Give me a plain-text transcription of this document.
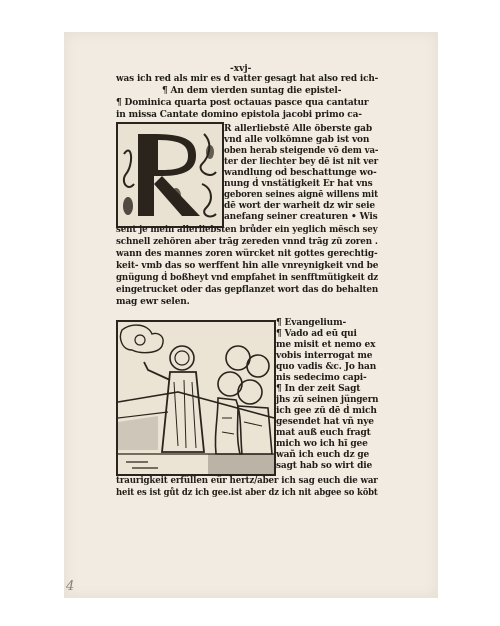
-xvj-
was ich red als mir es d vatter gesagt hat also red ich-
¶ An dem vierden suntag die epistel-
¶ Dominica quarta post octauas pasce qua cantatur
in missa Cantate domino epistola jacobi primo ca-
R allerliebstē Alle ŏberste gab
vnd alle volkŏmne gab ist von
oben herab steigende vō dem va-
ter der liechter bey dē ist nit ver
wandlung oḋ beschattunge wo-
nung ḋ vnstätigkeit Er hat vns
geboren seines aignē willens mit
dē wort der warheit dz wir seie
anefang seiner creaturen • Wis
sent je mein allerliebsten brůder ein yeglich mēsch sey
schnell zehŏren aber trāg zereden vnnd trāg zŭ zoren .
wann des mannes zoren würcket nit gottes gerechtig-
keit- vmb das so werffent hin alle vnreynigkeit vnd be
gnügung ḋ boßheyt vnd empfahet in senfftmütigkeit dz
eingetrucket oder das gepflanzet wort das do behalten
mag ewr selen.
¶ Evangelium-
¶ Vado ad eū qui
me misit et nemo ex
vobis interrogat me
quo vadis &c. Jo han
nis sedecimo capi-
¶ In der zeit Sagt
jhs zŭ seinen jüngern
ich gee zŭ dē ḋ mich
gesendet hat vñ nye
mat auß euch fragt
mich wo ich hĭ gee
wañ ich euch dz ge
sagt hab so wirt die
traurigkeit erfüllen eür hertz/aber ich sag euch die war
heit es ist gůt dz ich gee.ist aber dz ich nit abgee so kŏbt
4
